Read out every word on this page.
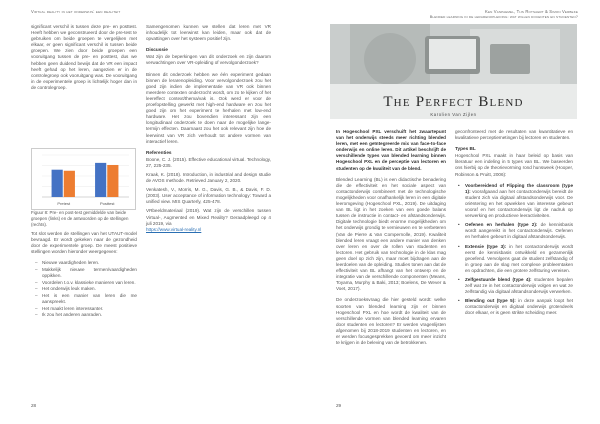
Virtual reality in het onderwijs: een realiteit

significant verschil is tussen deze pre- en posttest. Heeft hebben we geconstrueerd door de pre-test te gebruiken om beide groepen te vergelijken met elkaar, er geen significant verschil is tussen beide groepen. We zien door beide groepen een vooruitgang tussen de pre- en posttest, dus we hebben geen duidend bewijs dat de VR een impact heeft gehad op het leren, aangezien er in de controlegroep ook vooruitgang was. De vooruitgang in de experimentele groep is lichtelijk hoger dan in de controlegroep.

Pretest	Posttest
Figuur 8: Pre- en post-test gemiddelde van beide groepen (links) en de antwoorden op de stellingen (rechts).

Tot slot werden de stellingen van het UTAUT-model bevraagd. Er wordt gekeken naar de gezondheid door de experimentele groep. De meest positieve stellingen worden hieronder weergegeven:

– Nieuwe vaardigheden leren.
– Makkelijk nieuwe termen/vaardigheden oppikken.
– Voordelen t.o.v. klassieke manieren van leren.
– Het onderwijs leuk maken.
– Het is een manier van leren die me aanspreekt.
– Het maakt leren interessanter.
– Ik zou het anderen aanraden.

Samengenomen kunnen we stellen dat leren met VR inhoudelijk tot leerwinst kan leiden, maar ook dat de opvattingen over het systeem positief zijn.

Discussie

Wat zijn de beperkingen van dit onderzoek en zijn daarom verwachtingen over VR-opleiding of vervolgonderzoek?

Binnen dit onderzoek hebben we één experiment gedaan binnen de lerarenopleiding. Voor vervolgonderzoek zou het goed zijn indien de implementatie van VR ook binnen meerdere contexten onderzocht wordt, om zo te kijken of het leereffect context/thema/vak is. Ook werd er voor de proefopstelling gewerkt met high-end hardware en zou het goed zijn om het experiment te herhalen met low-end hardware. Het zou bovendien interessant zijn een longitudinaal onderzoek te doen naar de mogelijke lange-termijn effecten. Daarnaast zou het ook relevant zijn hoe de leerwinst van VR zich verhoudt tot andere vormen van interactief leren.

Referenties

Boone, C. J. (2015). Effective educational virtual. Technology, 27, 225-235.

Kraak, K. (2018). Introduction, in industrial and design studie de AVOS methode. Retrieved January 2, 2020.

Venkatesh, V., Morris, M. G., Davis, G. B., & Davis, F. D. (2003). User acceptance of information technology: Toward a unified view. MIS Quarterly, 425-478.

VRbeeldmateriaal (2019). Wat zijn de verschillen tussen Virtual-, Augmented en Mixed Reality? Geraadpleegd op 4 juli 2019, via

https://www.virtual-reality.nl
28
Ken Vanpaemel, Tijs Rotsaert & Simon Verbeke
Blended learning in de lerarenopleiding: wat willen docenten en studenten?
The Perfect Blend
Karolien Van Zijlen

In Hogeschool PXL verschuift het zwaartepunt van het onderwijs steeds meer richting blended leren, met een geïntegreerde mix van face-to-face onderwijs en online leren. Dit artikel beschrijft de verschillende types van blended learning binnen Hogeschool PXL en de perceptie van lectoren en studenten op de kwaliteit van de blend.

Blended Learning (BL) is een didactische benadering die de effectiviteit en het sociale aspect van contactonderwijs combineert met de technologische mogelijkheden voor onafhankelijk leren in een digitale leeromgeving (Hogeschool PXL, 2019). De uitdaging van BL ligt in het zoeken van een goede balans tussen de instructie in contact- en afstandsonderwijs. Digitale technologie biedt enorme mogelijkheden om het onderwijs grondig te vernieuwen en te verbeteren (Van de Pierre & Van Compernolle, 2019). Kwaliteit blended leren vraagt een andere manier van denken over leren en over de rollen van studenten en lectoren. Het gebruik van technologie in de klas mag geen doel op zich zijn, maar moet bijdragen aan de leerdoelen van de opleiding. Studies tonen aan dat de effectiviteit van BL afhangt van het ontwerp en de integratie van de verschillende componenten (Means, Toyama, Murphy & Baki, 2013; Boelens, De Wever & Voet, 2017).

De onderzoeksvraag die hier gesteld wordt: welke soorten van blended learning zijn er binnen Hogeschool PXL en hoe wordt de kwaliteit van de verschillende vormen van blended learning ervaren door studenten en lectoren? Er werden vragenlijsten afgenomen bij 2018-2019 studenten en lectoren, en er werden focusgesprekken gevoerd om meer inzicht te krijgen in de beleving van de betrokkenen.

geconfronteerd met de resultaten van kwantitatieve en kwalitatieve perceptiemetingen bij lectoren en studenten.

Types BL

Hogeschool PXL maakt in haar beleid op basis van literatuur een indeling in 5 types van BL. We baseerden ons hierbij op de theorievorming rond hunsweek (Hooper, Robinson & Pruitt, 2006):

• Voorbereidend of Flipping the classroom (type 1): voorafgaand aan het contactonderwijs bereidt de student zich via digitaal afstandsonderwijs voor. De oriëntering en het opwekken van interesse gebeurt vooraf en het contactonderwijs ligt de nadruk op verwerking en productieve leeractiviteiten.
• Oefenen en herhalen (type 2): de kennisbasis wordt aangereikt in het contactonderwijs. Oefenen en herhalen gebeurt in digitaal afstandsonderwijs.
• Extensie (type 3): in het contactonderwijs wordt eerst de kennisbasis ontwikkeld en gezamenlijk geoefend. Vervolgens gaat de student zelfstandig of in groep aan de slag met complexe probleemtaken en opdrachten, die een grotere zelfsturing vereisen.
• Zelfgestuurde blend (type 4): studenten bepalen zelf wat ze in het contactonderwijs volgen en wat ze zelfstandig via digitaal afstandsonderwijs verwerken.
• Blending out (type 5): in deze aanpak loopt het contactonderwijs en digitaal onderwijs grotendeels door elkaar, er is geen strikte scheiding meer.
29
